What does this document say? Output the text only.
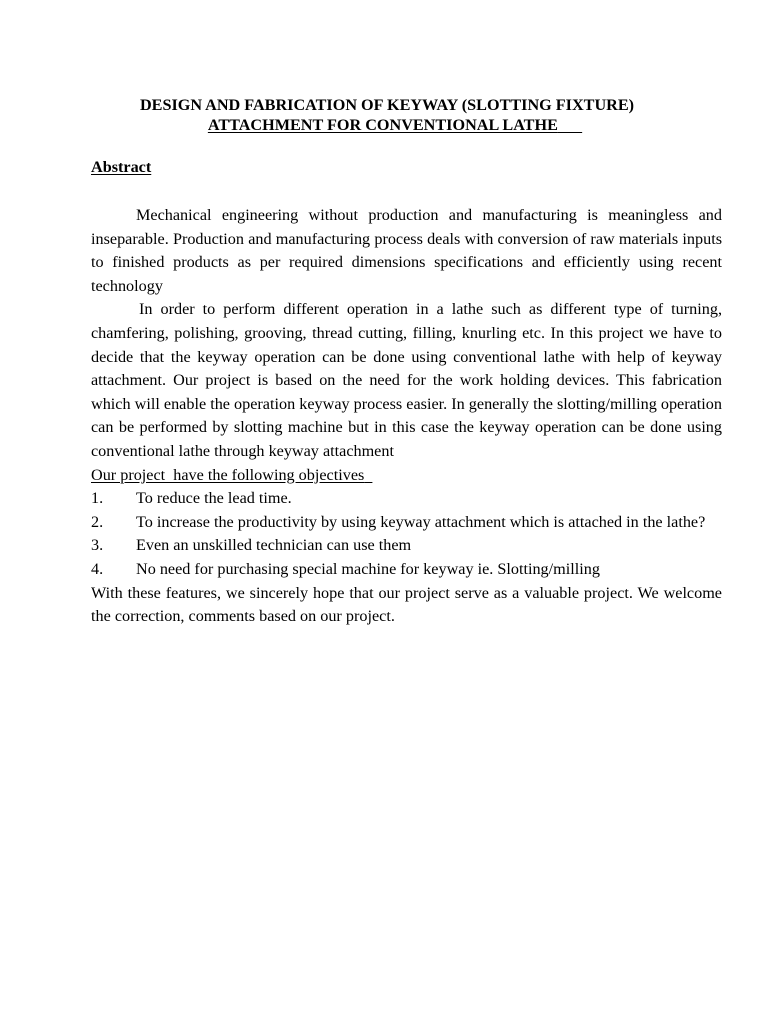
DESIGN AND FABRICATION OF KEYWAY (SLOTTING FIXTURE)
ATTACHMENT FOR CONVENTIONAL LATHE
Abstract

Mechanical engineering without production and manufacturing is meaningless and inseparable. Production and manufacturing process deals with conversion of raw materials inputs to finished products as per required dimensions specifications and efficiently using recent technology

In order to perform different operation in a lathe such as different type of turning, chamfering, polishing, grooving, thread cutting, filling, knurling etc. In this project we have to decide that the keyway operation can be done using conventional lathe with help of keyway attachment. Our project is based on the need for the work holding devices. This fabrication which will enable the operation keyway process easier. In generally the slotting/milling operation can be performed by slotting machine but in this case the keyway operation can be done using conventional lathe through keyway attachment

Our project  have the following objectives

1.	To reduce the lead time.
2. To increase the productivity by using keyway attachment which is attached in the lathe?
3.	Even an unskilled technician can use them
4.	No need for purchasing special machine for keyway ie. Slotting/milling

With these features, we sincerely hope that our project serve as a valuable project. We welcome the correction, comments based on our project.
